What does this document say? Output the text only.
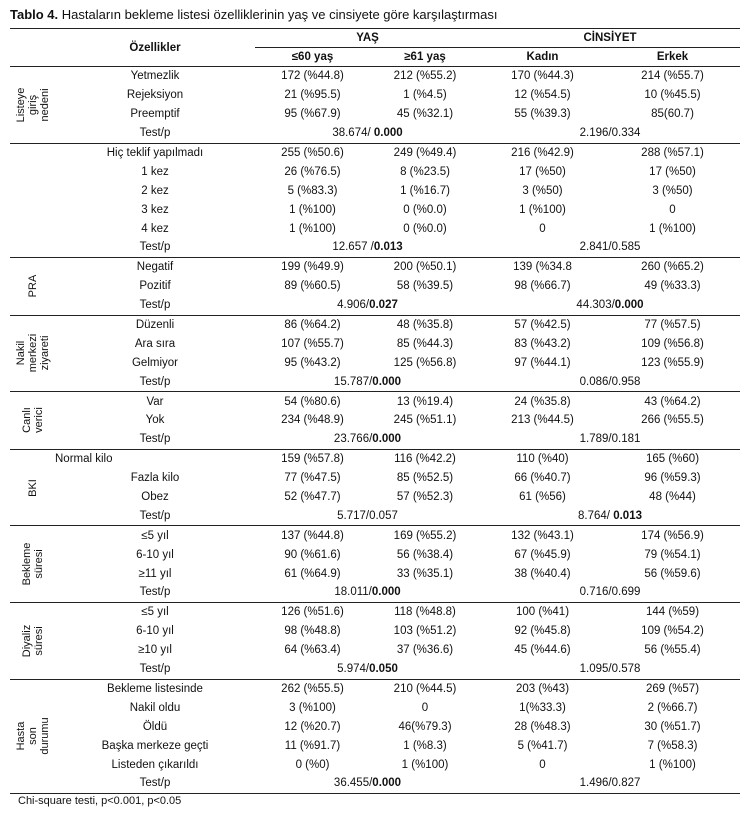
Tablo 4. Hastaların bekleme listesi özelliklerinin yaş ve cinsiyete göre karşılaştırması
	Özellikler	YAŞ		CİNSİYET	
		≤60 yaş	≥61 yaş	Kadın	Erkek

Listeye
giriş
nedeni	Yetmezlik	172 (%44.8)	212 (%55.2)	170 (%44.3)	214 (%55.7)
	Rejeksiyon	21 (%95.5)	1 (%4.5)	12 (%54.5)	10 (%45.5)
	Preemptif	95 (%67.9)	45 (%32.1)	55 (%39.3)	85(60.7)
	Test/p	38.674/ 0.000		2.196/0.334	

	Hiç teklif yapılmadı	255 (%50.6)	249 (%49.4)	216 (%42.9)	288 (%57.1)
	1 kez	26 (%76.5)	8 (%23.5)	17 (%50)	17 (%50)
	2 kez	5 (%83.3)	1 (%16.7)	3 (%50)	3 (%50)
	3 kez	1 (%100)	0 (%0.0)	1 (%100)	0
	4 kez	1 (%100)	0 (%0.0)	0	1 (%100)
	Test/p	12.657 /0.013		2.841/0.585	

PRA	Negatif	199 (%49.9)	200 (%50.1)	139 (%34.8	260 (%65.2)
	Pozitif	89 (%60.5)	58 (%39.5)	98 (%66.7)	49 (%33.3)
	Test/p	4.906/0.027		44.303/0.000	

Nakil
merkezi
ziyareti	Düzenli	86 (%64.2)	48 (%35.8)	57 (%42.5)	77 (%57.5)
	Ara sıra	107 (%55.7)	85 (%44.3)	83 (%43.2)	109 (%56.8)
	Gelmiyor	95 (%43.2)	125 (%56.8)	97 (%44.1)	123 (%55.9)
	Test/p	15.787/0.000		0.086/0.958	

Canlı
verici	Var	54 (%80.6)	13 (%19.4)	24 (%35.8)	43 (%64.2)
	Yok	234 (%48.9)	245 (%51.1)	213 (%44.5)	266 (%55.5)
	Test/p	23.766/0.000		1.789/0.181	

BKI	Normal kilo	159 (%57.8)	116 (%42.2)	110 (%40)	165 (%60)
	Fazla kilo	77 (%47.5)	85 (%52.5)	66 (%40.7)	96 (%59.3)
	Obez	52 (%47.7)	57 (%52.3)	61 (%56)	48 (%44)
	Test/p	5.717/0.057		8.764/ 0.013	

Bekleme
süresi	≤5 yıl	137 (%44.8)	169 (%55.2)	132 (%43.1)	174 (%56.9)
	6-10 yıl	90 (%61.6)	56 (%38.4)	67 (%45.9)	79 (%54.1)
	≥11 yıl	61 (%64.9)	33 (%35.1)	38 (%40.4)	56 (%59.6)
	Test/p	18.011/0.000		0.716/0.699	

Diyaliz
süresi	≤5 yıl	126 (%51.6)	118 (%48.8)	100 (%41)	144 (%59)
	6-10 yıl	98 (%48.8)	103 (%51.2)	92 (%45.8)	109 (%54.2)
	≥10 yıl	64 (%63.4)	37 (%36.6)	45 (%44.6)	56 (%55.4)
	Test/p	5.974/0.050		1.095/0.578	

Hasta son
durumu	Bekleme listesinde	262 (%55.5)	210 (%44.5)	203 (%43)	269 (%57)
	Nakil oldu	3 (%100)	0	1(%33.3)	2 (%66.7)
	Öldü	12 (%20.7)	46(%79.3)	28 (%48.3)	30 (%51.7)
	Başka merkeze geçti	11 (%91.7)	1 (%8.3)	5 (%41.7)	7 (%58.3)
	Listeden çıkarıldı	0 (%0)	1 (%100)	0	1 (%100)
	Test/p	36.455/0.000		1.496/0.827	
Chi-square testi, p<0.001, p<0.05
